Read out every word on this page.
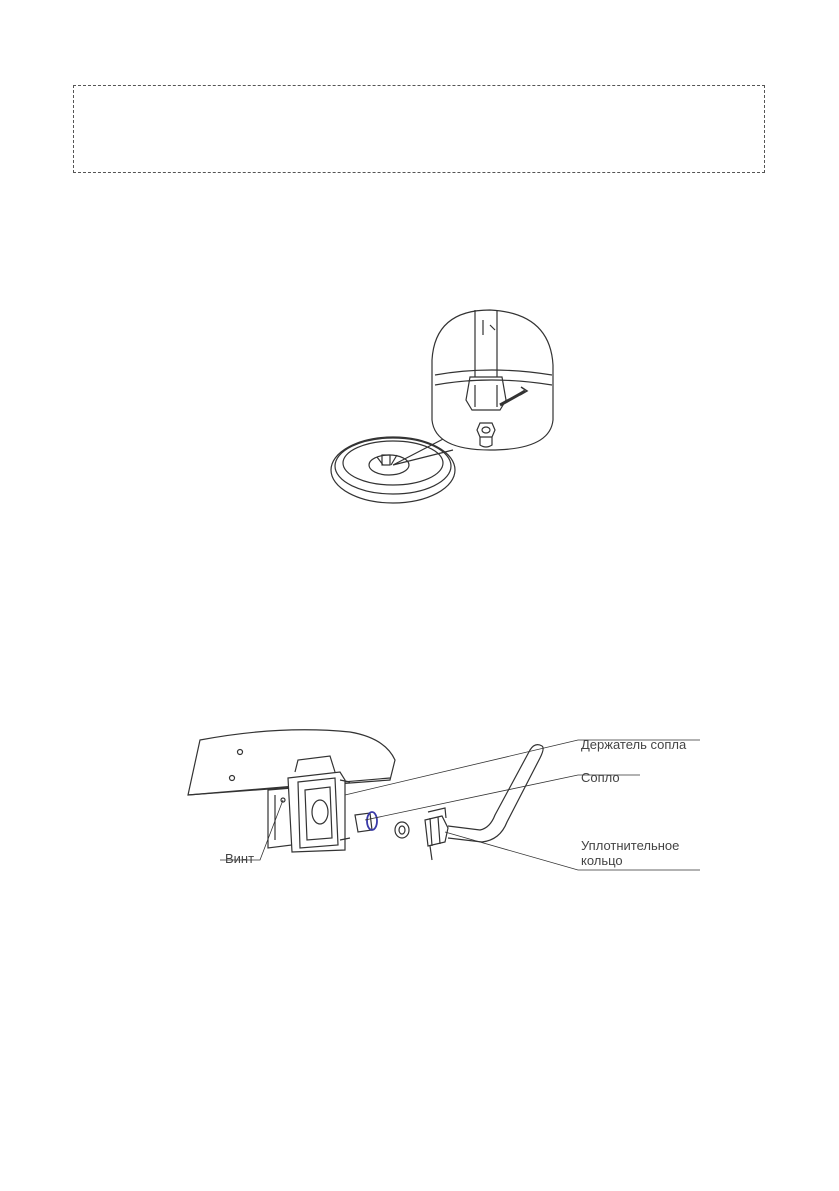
Держатель сопла
Сопло
Уплотнительное
кольцо
Винт
